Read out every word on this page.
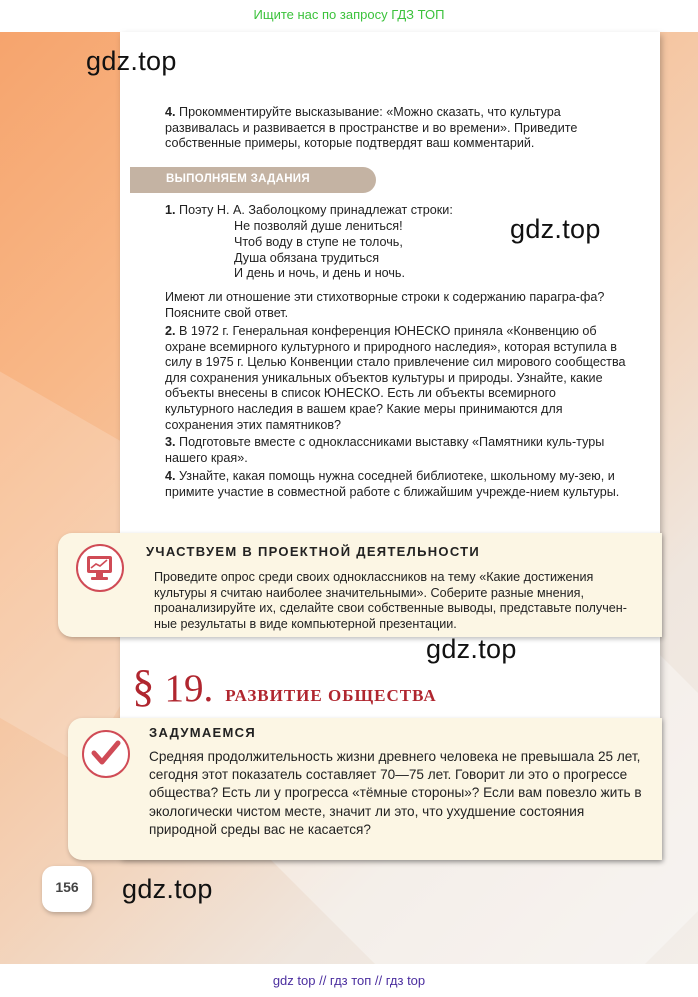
Ищите нас по запросу ГДЗ ТОП
gdz.top
4. Прокомментируйте высказывание: «Можно сказать, что культура развивалась и развивается в пространстве и во времени». Приведите собственные примеры, которые подтвердят ваш комментарий.
ВЫПОЛНЯЕМ ЗАДАНИЯ
1. Поэту Н. А. Заболоцкому принадлежат строки:
gdz.top
Не позволяй душе лениться!
Чтоб воду в ступе не толочь,
Душа обязана трудиться
И день и ночь, и день и ночь.
Имеют ли отношение эти стихотворные строки к содержанию парагра-фа? Поясните свой ответ.
2. В 1972 г. Генеральная конференция ЮНЕСКО приняла «Конвенцию об охране всемирного культурного и природного наследия», которая вступила в силу в 1975 г. Целью Конвенции стало привлечение сил мирового сообщества для сохранения уникальных объектов культуры и природы. Узнайте, какие объекты внесены в список ЮНЕСКО. Есть ли объекты всемирного культурного наследия в вашем крае? Какие меры принимаются для сохранения этих памятников?
3. Подготовьте вместе с одноклассниками выставку «Памятники куль-туры нашего края».
4. Узнайте, какая помощь нужна соседней библиотеке, школьному му-зею, и примите участие в совместной работе с ближайшим учрежде-нием культуры.
УЧАСТВУЕМ В ПРОЕКТНОЙ ДЕЯТЕЛЬНОСТИ
Проведите опрос среди своих одноклассников на тему «Какие достижения культуры я считаю наиболее значительными». Соберите разные мнения, проанализируйте их, сделайте свои собственные выводы, представьте получен-ные результаты в виде компьютерной презентации.
gdz.top
§ 19. РАЗВИТИЕ ОБЩЕСТВА
ЗАДУМАЕМСЯ
Средняя продолжительность жизни древнего человека не превышала 25 лет, сегодня этот показатель составляет 70—75 лет. Говорит ли это о прогрессе общества? Есть ли у прогресса «тёмные стороны»? Если вам повезло жить в экологически чистом месте, значит ли это, что ухудшение состояния природной среды вас не касается?
156	gdz.top
gdz top // гдз топ // гдз top
